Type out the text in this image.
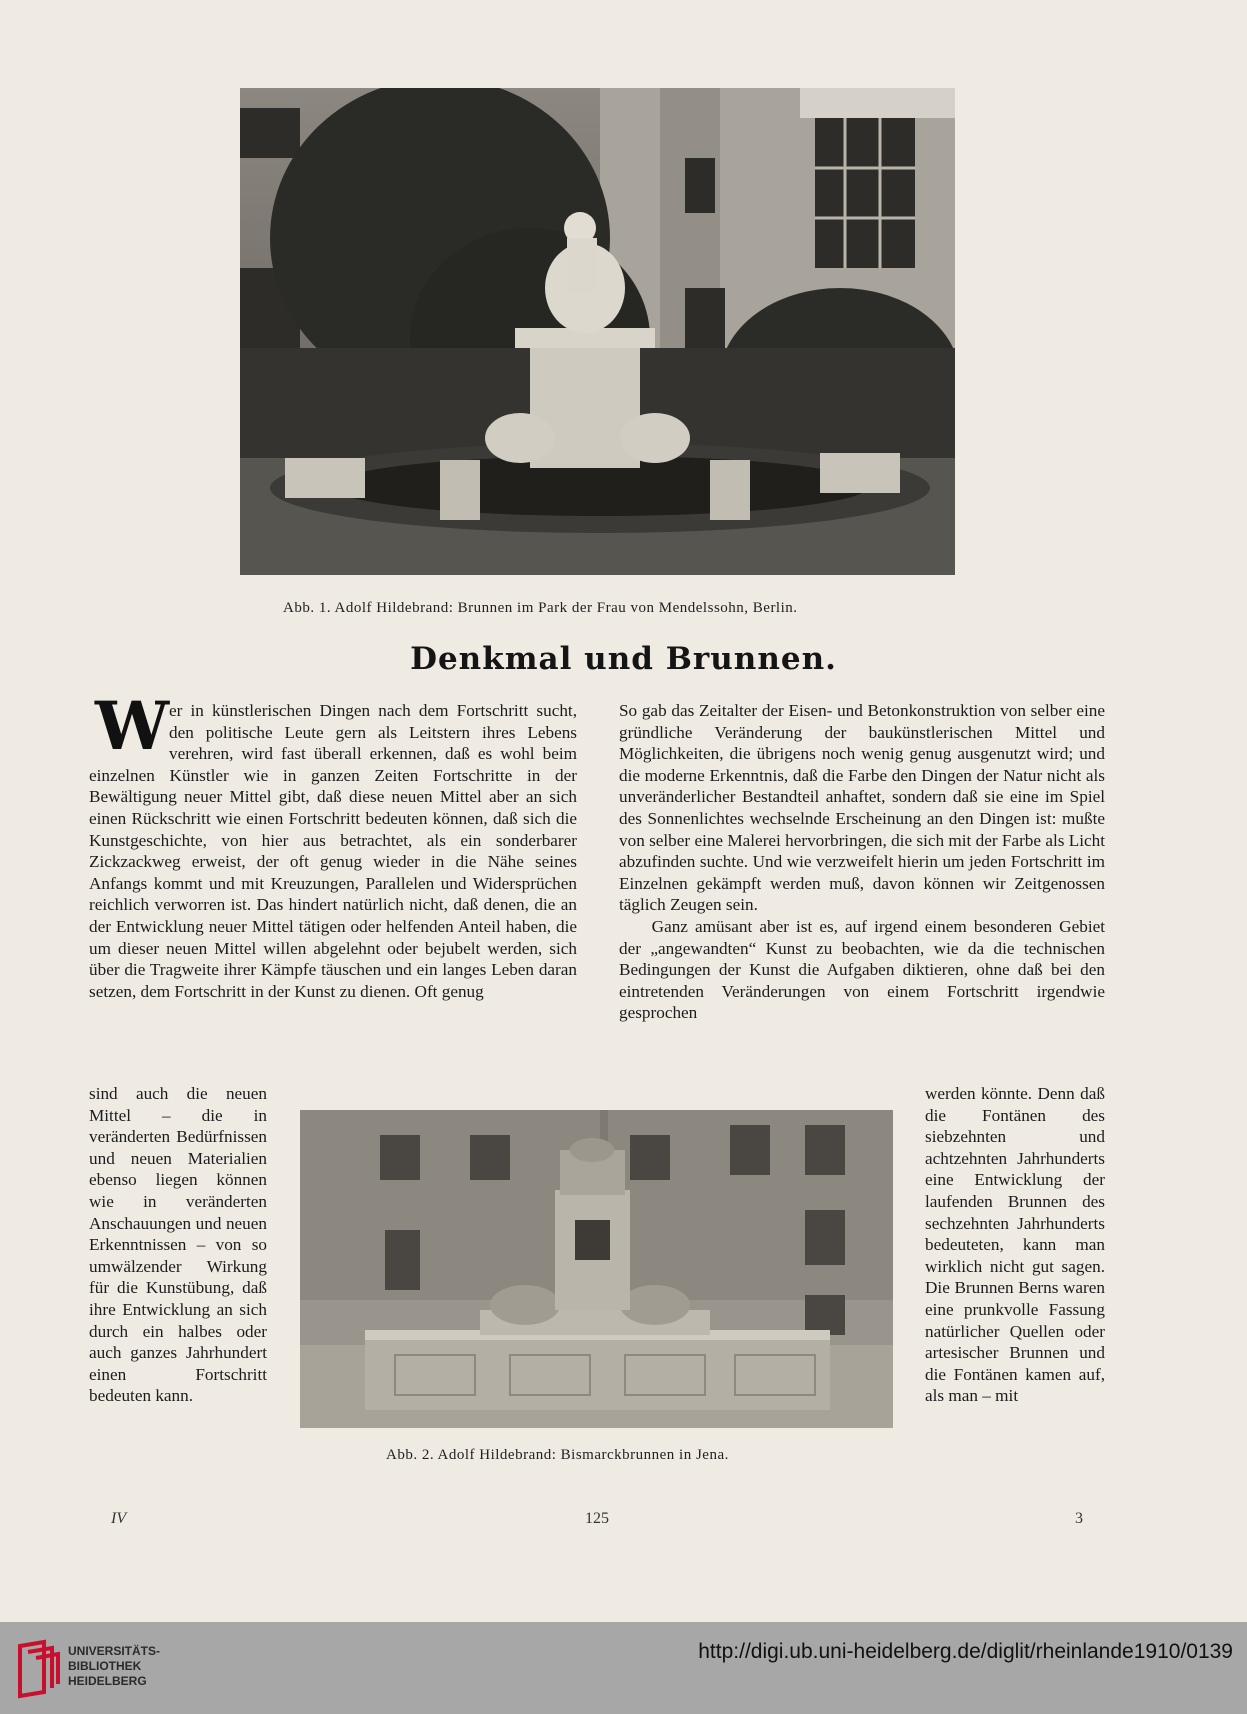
Abb. 1. Adolf Hildebrand: Brunnen im Park der Frau von Mendelssohn, Berlin.
Denkmal und Brunnen.
W er in künstlerischen Dingen nach dem Fortschritt sucht, den politische Leute gern als Leitstern ihres Lebens verehren, wird fast überall erkennen, daß es wohl beim einzelnen Künstler wie in ganzen Zeiten Fortschritte in der Bewältigung neuer Mittel gibt, daß diese neuen Mittel aber an sich einen Rückschritt wie einen Fortschritt bedeuten können, daß sich die Kunstgeschichte, von hier aus betrachtet, als ein sonderbarer Zickzackweg erweist, der oft genug wieder in die Nähe seines Anfangs kommt und mit Kreuzungen, Parallelen und Widersprüchen reichlich verworren ist. Das hindert natürlich nicht, daß denen, die an der Entwicklung neuer Mittel tätigen oder helfenden Anteil haben, die um dieser neuen Mittel willen abgelehnt oder bejubelt werden, sich über die Tragweite ihrer Kämpfe täuschen und ein langes Leben daran setzen, dem Fortschritt in der Kunst zu dienen. Oft genug

sind auch die neuen Mittel – die in veränderten Bedürfnissen und neuen Materialien ebenso liegen können wie in veränderten Anschauungen und neuen Erkenntnissen – von so umwälzender Wirkung für die Kunstübung, daß ihre Entwicklung an sich durch ein halbes oder auch ganzes Jahrhundert einen Fortschritt bedeuten kann.

So gab das Zeitalter der Eisen- und Betonkonstruktion von selber eine gründliche Veränderung der baukünstlerischen Mittel und Möglichkeiten, die übrigens noch wenig genug ausgenutzt wird; und die moderne Erkenntnis, daß die Farbe den Dingen der Natur nicht als unveränderlicher Bestandteil anhaftet, sondern daß sie eine im Spiel des Sonnenlichtes wechselnde Erscheinung an den Dingen ist: mußte von selber eine Malerei hervorbringen, die sich mit der Farbe als Licht abzufinden suchte. Und wie verzweifelt hierin um jeden Fortschritt im Einzelnen gekämpft werden muß, davon können wir Zeitgenossen täglich Zeugen sein.

Ganz amüsant aber ist es, auf irgend einem besonderen Gebiet der „angewandten“ Kunst zu beobachten, wie da die technischen Bedingungen der Kunst die Aufgaben diktieren, ohne daß bei den eintretenden Veränderungen von einem Fortschritt irgendwie gesprochen

werden könnte. Denn daß die Fontänen des siebzehnten und achtzehnten Jahrhunderts eine Entwicklung der laufenden Brunnen des sechzehnten Jahrhunderts bedeuteten, kann man wirklich nicht gut sagen. Die Brunnen Berns waren eine prunkvolle Fassung natürlicher Quellen oder artesischer Brunnen und die Fontänen kamen auf, als man – mit

Abb. 2. Adolf Hildebrand: Bismarckbrunnen in Jena.
IV	125	3
UNIVERSITÄTS-
BIBLIOTHEK
HEIDELBERG
http://digi.ub.uni-heidelberg.de/diglit/rheinlande1910/0139
